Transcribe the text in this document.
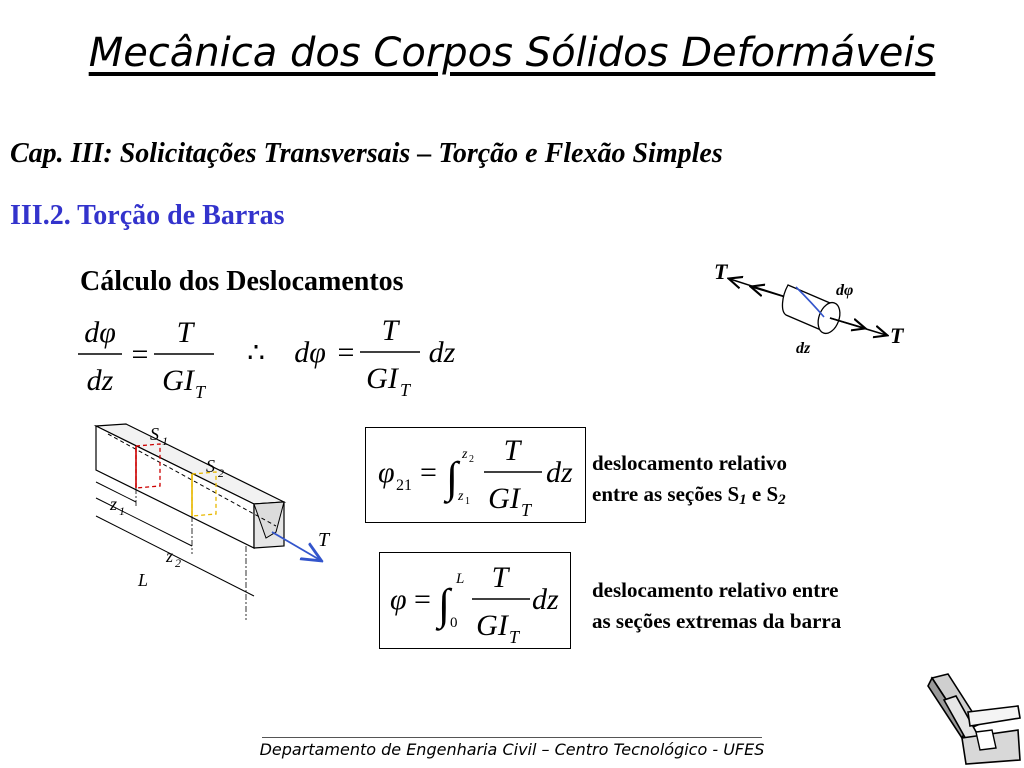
Mecânica dos Corpos Sólidos Deformáveis
Cap. III: Solicitações Transversais – Torção e Flexão Simples
III.2. Torção de Barras
Cálculo dos Deslocamentos
dφ
dz
=
T
GI T
∴ dφ =
T
GI T
dz
T
T
dφ
dz
S 1
S 2
z 1
z 2
L
T
φ 21 = ∫ z 2
z 1
T
GI T
dz deslocamento relativo
entre as seções $S_1$ e $S_2$
φ = ∫
L
0
T
GI T
dz deslocamento relativo entre
as seções extremas da barra
Departamento de Engenharia Civil – Centro Tecnológico - UFES
